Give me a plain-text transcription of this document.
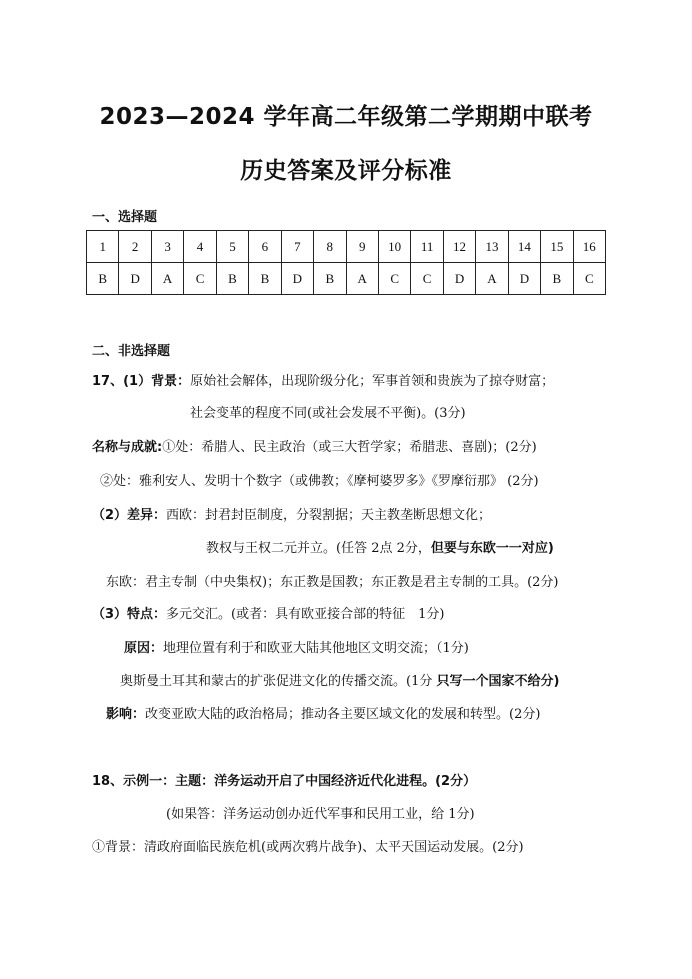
2023—2024 学年高二年级第二学期期中联考
历史答案及评分标准
一、选择题
1	2	3	4	5	6	7	8	9	10	11	12	13	14	15	16
B	D	A	C	B	B	D	B	A	C	C	D	A	D	B	C
二、非选择题
17、(1）背景：原始社会解体，出现阶级分化；军事首领和贵族为了掠夺财富；
社会变革的程度不同(或社会发展不平衡)。(3分)
名称与成就:①处：希腊人、民主政治（或三大哲学家；希腊悲、喜剧)；(2分)
②处：雅利安人、发明十个数字（或佛教；《摩柯婆罗多》《罗摩衍那》 (2分)
（2）差异：西欧：封君封臣制度，分裂割据；天主教垄断思想文化；
教权与王权二元并立。(任答 2点 2分，但要与东欧一一对应)
东欧：君主专制（中央集权)；东正教是国教；东正教是君主专制的工具。(2分)
（3）特点：多元交汇。(或者：具有欧亚接合部的特征　1分)
原因：地理位置有利于和欧亚大陆其他地区文明交流；（1分)
奥斯曼土耳其和蒙古的扩张促进文化的传播交流。(1分 只写一个国家不给分)
影响：改变亚欧大陆的政治格局；推动各主要区域文化的发展和转型。(2分)
18、示例一：主题：洋务运动开启了中国经济近代化进程。(2分）
(如果答：洋务运动创办近代军事和民用工业，给 1分)
①背景：清政府面临民族危机(或两次鸦片战争)、太平天国运动发展。(2分)
